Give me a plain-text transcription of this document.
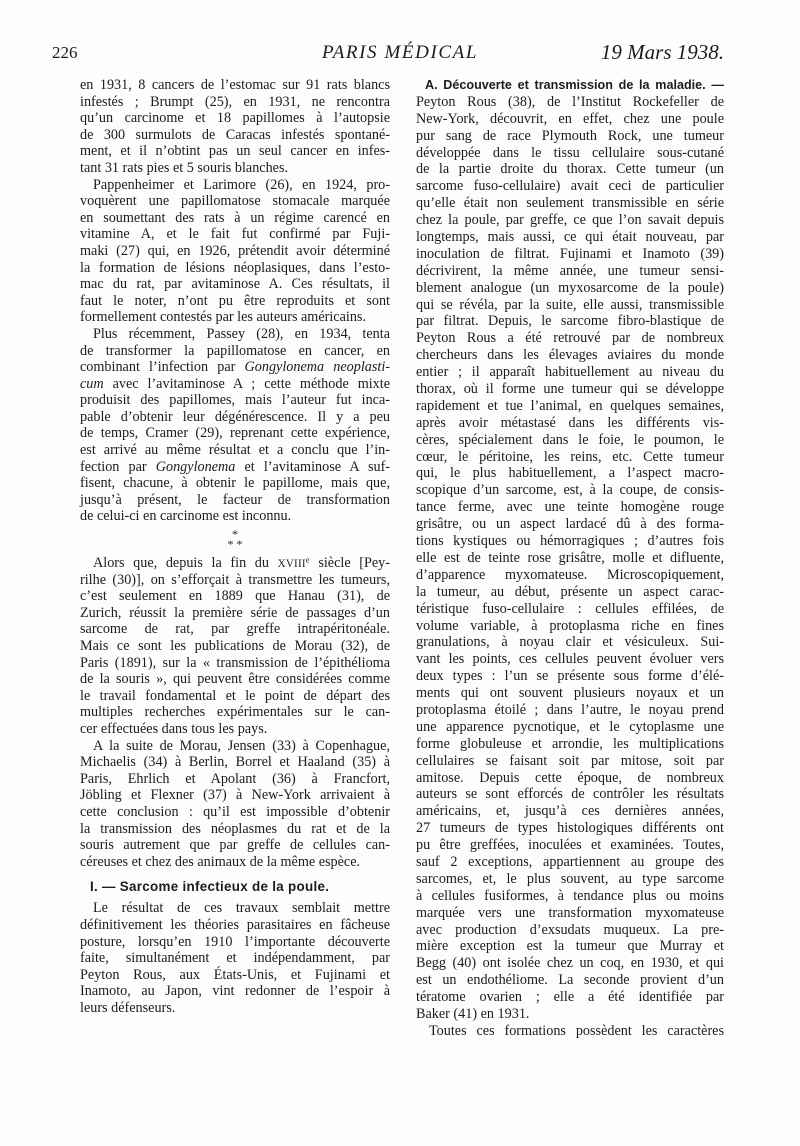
226	PARIS MÉDICAL	19 Mars 1938.
en 1931, 8 cancers de l’estomac sur 91 rats blancs
infestés ; Brumpt (25), en 1931, ne rencontra
qu’un carcinome et 18 papillomes à l’autopsie
de 300 surmulots de Caracas infestés spontané-
ment, et il n’obtint pas un seul cancer en infes-
tant 31 rats pies et 5 souris blanches.
Pappenheimer et Larimore (26), en 1924, pro-
voquèrent une papillomatose stomacale marquée
en soumettant des rats à un régime carencé en
vitamine A, et le fait fut confirmé par Fuji-
maki (27) qui, en 1926, prétendit avoir déterminé
la formation de lésions néoplasiques, dans l’esto-
mac du rat, par avitaminose A. Ces résultats, il
faut le noter, n’ont pu être reproduits et sont
formellement contestés par les auteurs américains.
Plus récemment, Passey (28), en 1934, tenta
de transformer la papillomatose en cancer, en
combinant l’infection par Gongylonema neoplasti-
cum avec l’avitaminose A ; cette méthode mixte
produisit des papillomes, mais l’auteur fut inca-
pable d’obtenir leur dégénérescence. Il y a peu
de temps, Cramer (29), reprenant cette expérience,
est arrivé au même résultat et a conclu que l’in-
fection par Gongylonema et l’avitaminose A suf-
fisent, chacune, à obtenir le papillome, mais que,
jusqu’à présent, le facteur de transformation
de celui-ci en carcinome est inconnu.
*
* *
Alors que, depuis la fin du XVIIIe siècle [Pey-
rilhe (30)], on s’efforçait à transmettre les tumeurs,
c’est seulement en 1889 que Hanau (31), de
Zurich, réussit la première série de passages d’un
sarcome de rat, par greffe intrapéritonéale.
Mais ce sont les publications de Morau (32), de
Paris (1891), sur la « transmission de l’épithélioma
de la souris », qui peuvent être considérées comme
le travail fondamental et le point de départ des
multiples recherches expérimentales sur le can-
cer effectuées dans tous les pays.
A la suite de Morau, Jensen (33) à Copenhague,
Michaelis (34) à Berlin, Borrel et Haaland (35) à
Paris, Ehrlich et Apolant (36) à Francfort,
Jöbling et Flexner (37) à New-York arrivaient à
cette conclusion : qu’il est impossible d’obtenir
la transmission des néoplasmes du rat et de la
souris autrement que par greffe de cellules can-
céreuses et chez des animaux de la même espèce.
I. — Sarcome infectieux de la poule.
Le résultat de ces travaux semblait mettre
définitivement les théories parasitaires en fâcheuse
posture, lorsqu’en 1910 l’importante découverte
faite, simultanément et indépendamment, par
Peyton Rous, aux États-Unis, et Fujinami et
Inamoto, au Japon, vint redonner de l’espoir à
leurs défenseurs.
A. Découverte et transmission de la maladie. —
Peyton Rous (38), de l’Institut Rockefeller de
New-York, découvrit, en effet, chez une poule
pur sang de race Plymouth Rock, une tumeur
développée dans le tissu cellulaire sous-cutané
de la partie droite du thorax. Cette tumeur (un
sarcome fuso-cellulaire) avait ceci de particulier
qu’elle était non seulement transmissible en série
chez la poule, par greffe, ce que l’on savait depuis
longtemps, mais aussi, ce qui était nouveau, par
inoculation de filtrat. Fujinami et Inamoto (39)
décrivirent, la même année, une tumeur sensi-
blement analogue (un myxosarcome de la poule)
qui se révéla, par la suite, elle aussi, transmissible
par filtrat. Depuis, le sarcome fibro-blastique de
Peyton Rous a été retrouvé par de nombreux
chercheurs dans les élevages aviaires du monde
entier ; il apparaît habituellement au niveau du
thorax, où il forme une tumeur qui se développe
rapidement et tue l’animal, en quelques semaines,
après avoir métastasé dans les différents vis-
cères, spécialement dans le foie, le poumon, le
cœur, le péritoine, les reins, etc. Cette tumeur
qui, le plus habituellement, a l’aspect macro-
scopique d’un sarcome, est, à la coupe, de consis-
tance ferme, avec une teinte homogène rouge
grisâtre, ou un aspect lardacé dû à des forma-
tions kystiques ou hémorragiques ; d’autres fois
elle est de teinte rose grisâtre, molle et difluente,
d’apparence myxomateuse. Microscopiquement,
la tumeur, au début, présente un aspect carac-
téristique fuso-cellulaire : cellules effilées, de
volume variable, à protoplasma riche en fines
granulations, à noyau clair et vésiculeux. Sui-
vant les points, ces cellules peuvent évoluer vers
deux types : l’un se présente sous forme d’élé-
ments qui ont souvent plusieurs noyaux et un
protoplasma étoilé ; dans l’autre, le noyau prend
une apparence pycnotique, et le cytoplasme une
forme globuleuse et arrondie, les multiplications
cellulaires se faisant soit par mitose, soit par
amitose. Depuis cette époque, de nombreux
auteurs se sont efforcés de contrôler les résultats
américains, et, jusqu’à ces dernières années,
27 tumeurs de types histologiques différents ont
pu être greffées, inoculées et examinées. Toutes,
sauf 2 exceptions, appartiennent au groupe des
sarcomes, et, le plus souvent, au type sarcome
à cellules fusiformes, à tendance plus ou moins
marquée vers une transformation myxomateuse
avec production d’exsudats muqueux. La pre-
mière exception est la tumeur que Murray et
Begg (40) ont isolée chez un coq, en 1930, et qui
est un endothéliome. La seconde provient d’un
tératome ovarien ; elle a été identifiée par
Baker (41) en 1931.
Toutes ces formations possèdent les caractères
